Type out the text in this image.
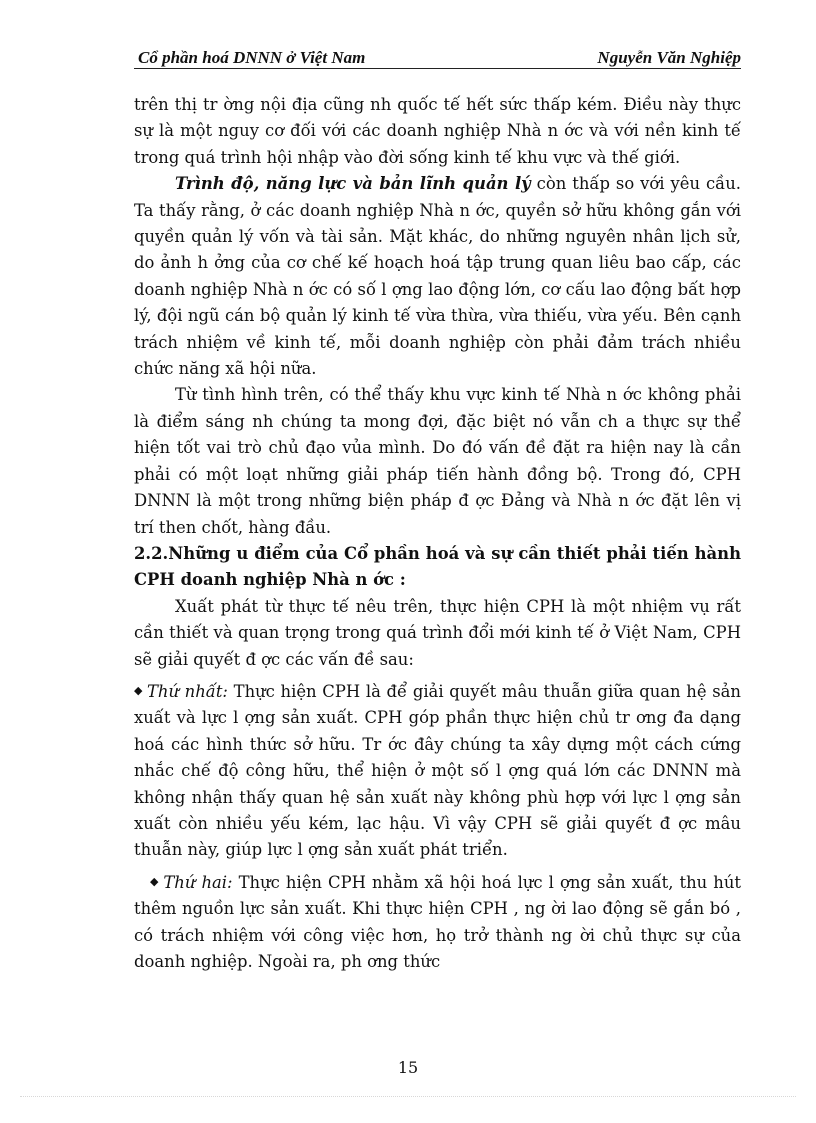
Cổ phần hoá DNNN ở Việt Nam	Nguyễn Văn Nghiệp

trên thị tr ờng nội địa cũng nh quốc tế hết sức thấp kém. Điều này thực sự là một nguy cơ đối với các doanh nghiệp Nhà n ớc và với nền kinh tế trong quá trình hội nhập vào đời sống kinh tế khu vực và thế giới.

Trình độ, năng lực và bản lĩnh quản lý còn thấp so với yêu cầu. Ta thấy rằng, ở các doanh nghiệp Nhà n ớc, quyền sở hữu không gắn với quyền quản lý vốn và tài sản. Mặt khác, do những nguyên nhân lịch sử, do ảnh h ởng của cơ chế kế hoạch hoá tập trung quan liêu bao cấp, các doanh nghiệp Nhà n ớc có số l ợng lao động lớn, cơ cấu lao động bất hợp lý, đội ngũ cán bộ quản lý kinh tế vừa thừa, vừa thiếu, vừa yếu. Bên cạnh trách nhiệm về kinh tế, mỗi doanh nghiệp còn phải đảm trách nhiều chức năng xã hội nữa.

Từ tình hình trên, có thể thấy khu vực kinh tế Nhà n ớc không phải là điểm sáng nh chúng ta mong đợi, đặc biệt nó vẫn ch a thực sự thể hiện tốt vai trò chủ đạo vủa mình. Do đó vấn đề đặt ra hiện nay là cần phải có một loạt những giải pháp tiến hành đồng bộ. Trong đó, CPH DNNN là một trong những biện pháp đ ợc Đảng và Nhà n ớc đặt lên vị trí then chốt, hàng đầu.

2.2.Những u điểm của Cổ phần hoá và sự cần thiết phải tiến hành CPH doanh nghiệp Nhà n ớc :

Xuất phát từ thực tế nêu trên, thực hiện CPH là một nhiệm vụ rất cần thiết và quan trọng trong quá trình đổi mới kinh tế ở Việt Nam, CPH sẽ giải quyết đ ợc các vấn đề sau:

◆ Thứ nhất: Thực hiện CPH là để giải quyết mâu thuẫn giữa quan hệ sản xuất và lực l ợng sản xuất. CPH góp phần thực hiện chủ tr ơng đa dạng hoá các hình thức sở hữu. Tr ớc đây chúng ta xây dựng một cách cứng nhắc chế độ công hữu, thể hiện ở một số l ợng quá lớn các DNNN mà không nhận thấy quan hệ sản xuất này không phù hợp với lực l ợng sản xuất còn nhiều yếu kém, lạc hậu. Vì vậy CPH sẽ giải quyết đ ợc mâu thuẫn này, giúp lực l ợng sản xuất phát triển.

◆ Thứ hai: Thực hiện CPH nhằm xã hội hoá lực l ợng sản xuất, thu hút thêm nguồn lực sản xuất. Khi thực hiện CPH , ng ời lao động sẽ gắn bó , có trách nhiệm với công việc hơn, họ trở thành ng ời chủ thực sự của doanh nghiệp. Ngoài ra, ph ơng thức

15
